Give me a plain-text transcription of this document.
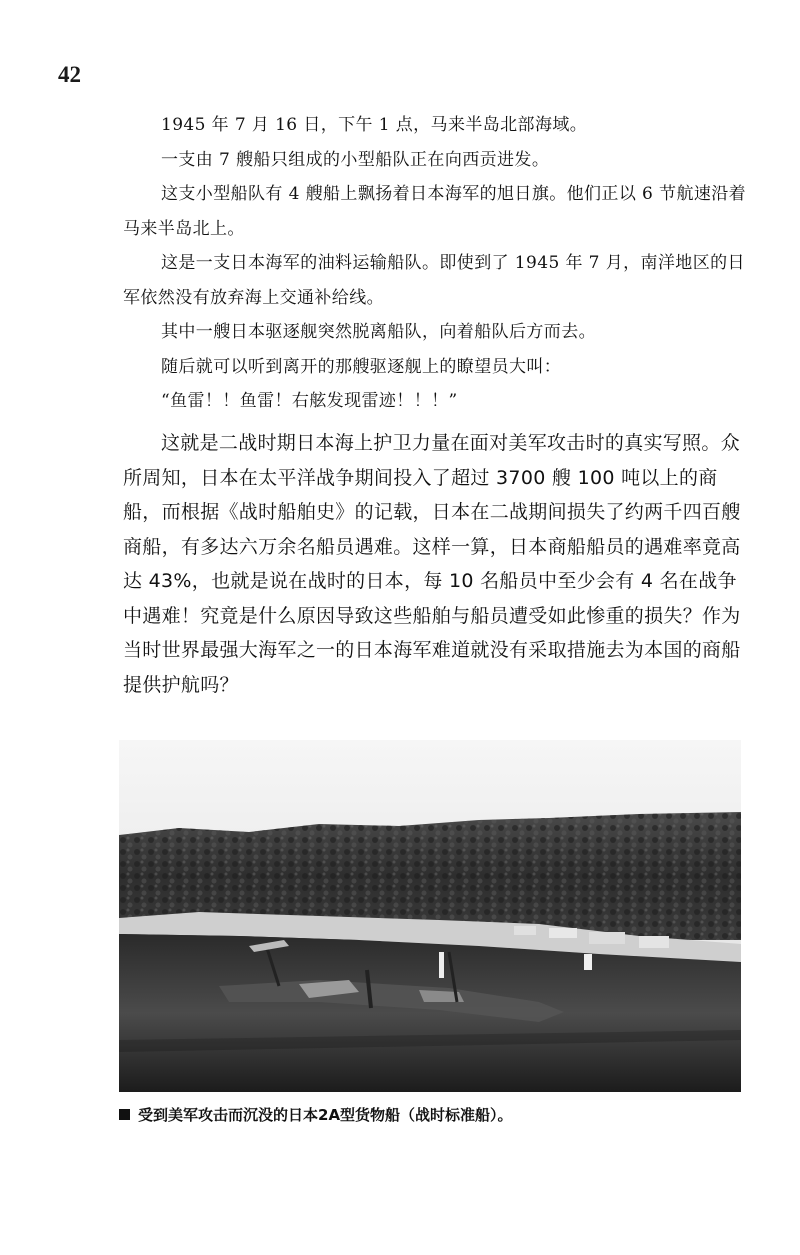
42

1945 年 7 月 16 日，下午 1 点，马来半岛北部海域。

一支由 7 艘船只组成的小型船队正在向西贡进发。

这支小型船队有 4 艘船上飘扬着日本海军的旭日旗。他们正以 6 节航速沿着马来半岛北上。

这是一支日本海军的油料运输船队。即使到了 1945 年 7 月，南洋地区的日军依然没有放弃海上交通补给线。

其中一艘日本驱逐舰突然脱离船队，向着船队后方而去。

随后就可以听到离开的那艘驱逐舰上的瞭望员大叫：

“鱼雷！！鱼雷！右舷发现雷迹！！！”

这就是二战时期日本海上护卫力量在面对美军攻击时的真实写照。众所周知，日本在太平洋战争期间投入了超过 3700 艘 100 吨以上的商船，而根据《战时船舶史》的记载，日本在二战期间损失了约两千四百艘商船，有多达六万余名船员遇难。这样一算，日本商船船员的遇难率竟高达 43%，也就是说在战时的日本，每 10 名船员中至少会有 4 名在战争中遇难！究竟是什么原因导致这些船舶与船员遭受如此惨重的损失？作为当时世界最强大海军之一的日本海军难道就没有采取措施去为本国的商船提供护航吗？

受到美军攻击而沉没的日本2A型货物船（战时标准船）。
